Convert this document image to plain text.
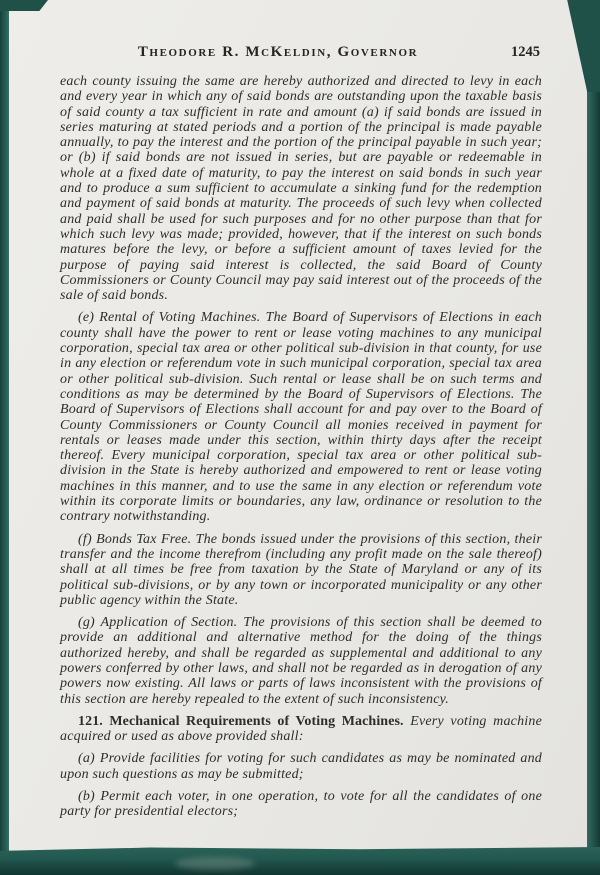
Theodore R. McKeldin, Governor	1245

each county issuing the same are hereby authorized and directed to levy in each and every year in which any of said bonds are outstanding upon the taxable basis of said county a tax sufficient in rate and amount (a) if said bonds are issued in series maturing at stated periods and a portion of the principal is made payable annually, to pay the interest and the portion of the principal payable in such year; or (b) if said bonds are not issued in series, but are payable or redeemable in whole at a fixed date of maturity, to pay the interest on said bonds in such year and to produce a sum sufficient to accumulate a sinking fund for the redemption and payment of said bonds at maturity. The proceeds of such levy when collected and paid shall be used for such purposes and for no other purpose than that for which such levy was made; provided, however, that if the interest on such bonds matures before the levy, or before a sufficient amount of taxes levied for the purpose of paying said interest is collected, the said Board of County Commissioners or County Council may pay said interest out of the proceeds of the sale of said bonds.

(e) Rental of Voting Machines. The Board of Supervisors of Elections in each county shall have the power to rent or lease voting machines to any municipal corporation, special tax area or other political sub-division in that county, for use in any election or referendum vote in such municipal corporation, special tax area or other political sub-division. Such rental or lease shall be on such terms and conditions as may be determined by the Board of Supervisors of Elections. The Board of Supervisors of Elections shall account for and pay over to the Board of County Commissioners or County Council all monies received in payment for rentals or leases made under this section, within thirty days after the receipt thereof. Every municipal corporation, special tax area or other political sub-division in the State is hereby authorized and empowered to rent or lease voting machines in this manner, and to use the same in any election or referendum vote within its corporate limits or boundaries, any law, ordinance or resolution to the contrary notwithstanding.

(f) Bonds Tax Free. The bonds issued under the provisions of this section, their transfer and the income therefrom (including any profit made on the sale thereof) shall at all times be free from taxation by the State of Maryland or any of its political sub-divisions, or by any town or incorporated municipality or any other public agency within the State.

(g) Application of Section. The provisions of this section shall be deemed to provide an additional and alternative method for the doing of the things authorized hereby, and shall be regarded as supplemental and additional to any powers conferred by other laws, and shall not be regarded as in derogation of any powers now existing. All laws or parts of laws inconsistent with the provisions of this section are hereby repealed to the extent of such inconsistency.

121. Mechanical Requirements of Voting Machines. Every voting machine acquired or used as above provided shall:

(a) Provide facilities for voting for such candidates as may be nominated and upon such questions as may be submitted;

(b) Permit each voter, in one operation, to vote for all the candidates of one party for presidential electors;
